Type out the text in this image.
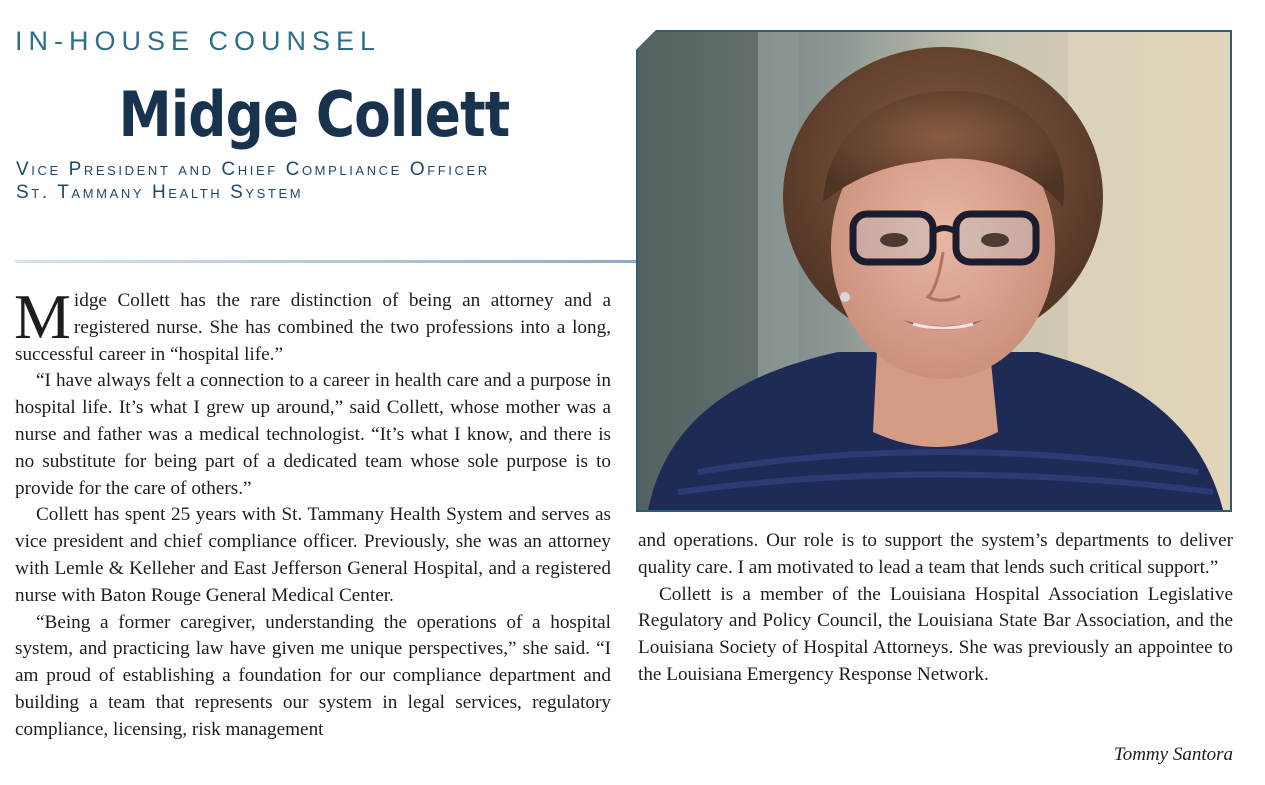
IN-HOUSE COUNSEL
Midge Collett
Vice President and Chief Compliance Officer
St. Tammany Health System

Midge Collett has the rare distinction of being an attorney and a registered nurse. She has combined the two professions into a long, successful career in “hospital life.”

“I have always felt a connection to a career in health care and a purpose in hospital life. It’s what I grew up around,” said Collett, whose mother was a nurse and father was a medical technologist. “It’s what I know, and there is no substitute for being part of a dedicated team whose sole purpose is to provide for the care of others.”

Collett has spent 25 years with St. Tammany Health System and serves as vice president and chief compliance officer. Previously, she was an attorney with Lemle & Kelleher and East Jefferson General Hospital, and a registered nurse with Baton Rouge General Medical Center.

“Being a former caregiver, understanding the operations of a hospital system, and practicing law have given me unique perspectives,” she said. “I am proud of establishing a foundation for our compliance department and building a team that represents our system in legal services, regulatory compliance, licensing, risk management

and operations. Our role is to support the system’s departments to deliver quality care. I am motivated to lead a team that lends such critical support.”

Collett is a member of the Louisiana Hospital Association Legislative Regulatory and Policy Council, the Louisiana State Bar Association, and the Louisiana Society of Hospital Attorneys. She was previously an appointee to the Louisiana Emergency Response Network.

Tommy Santora
